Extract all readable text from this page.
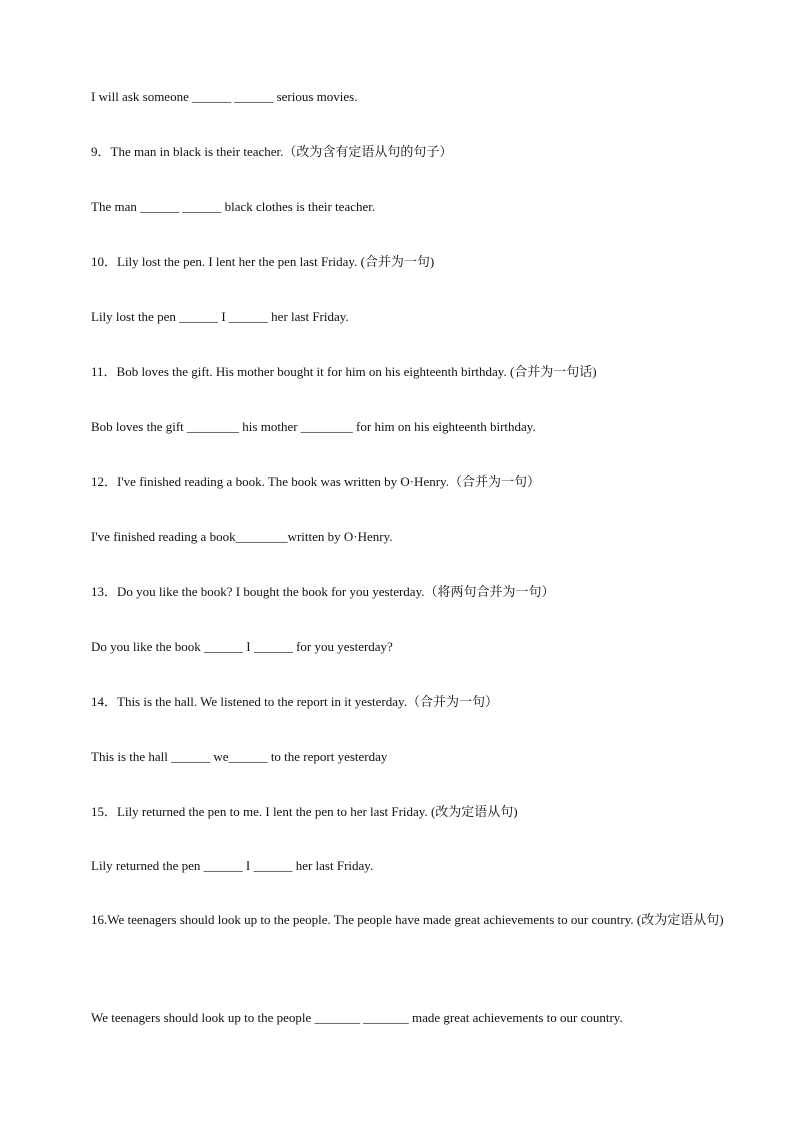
I will ask someone ______ ______ serious movies.
9．The man in black is their teacher.（改为含有定语从句的句子）
The man ______ ______ black clothes is their teacher.
10．Lily lost the pen. I lent her the pen last Friday. (合并为一句)
Lily lost the pen ______ I ______ her last Friday.
11．Bob loves the gift. His mother bought it for him on his eighteenth birthday. (合并为一句话)
Bob loves the gift ________ his mother ________ for him on his eighteenth birthday.
12．I've finished reading a book. The book was written by O·Henry.（合并为一句）
I've finished reading a book________written by O·Henry.
13．Do you like the book? I bought the book for you yesterday.（将两句合并为一句）
Do you like the book ______ I ______ for you yesterday?
14．This is the hall. We listened to the report in it yesterday.（合并为一句）
This is the hall ______ we______ to the report yesterday
15．Lily returned the pen to me. I lent the pen to her last Friday. (改为定语从句)
Lily returned the pen ______ I ______ her last Friday.
16.We teenagers should look up to the people. The people have made great achievements to our country. (改为定语从句)
We teenagers should look up to the people _______ _______ made great achievements to our country.
